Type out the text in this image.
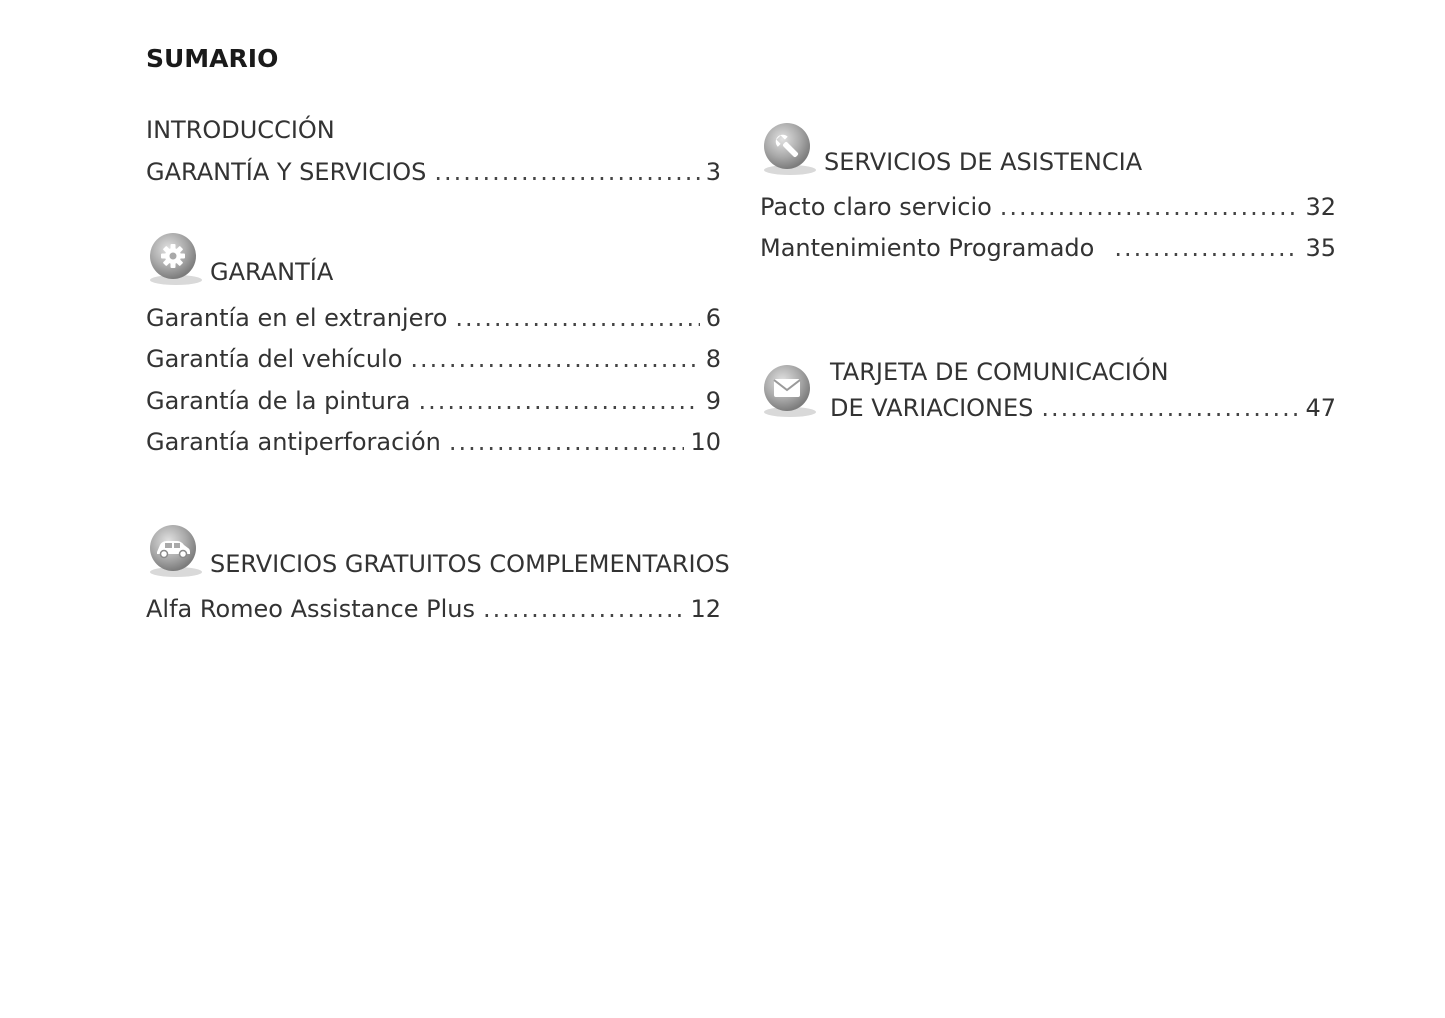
SUMARIO
INTRODUCCIÓN
GARANTÍA Y SERVICIOS .....	3
GARANTÍA
Garantía en el extranjero .....	6
Garantía del vehículo .....	8
Garantía de la pintura .....	9
Garantía antiperforación .....	10
SERVICIOS GRATUITOS COMPLEMENTARIOS
Alfa Romeo Assistance Plus .....	12
SERVICIOS DE ASISTENCIA
Pacto claro servicio .....	32
Mantenimiento Programado .....	35
TARJETA DE COMUNICACIÓN
DE VARIACIONES .....	47
